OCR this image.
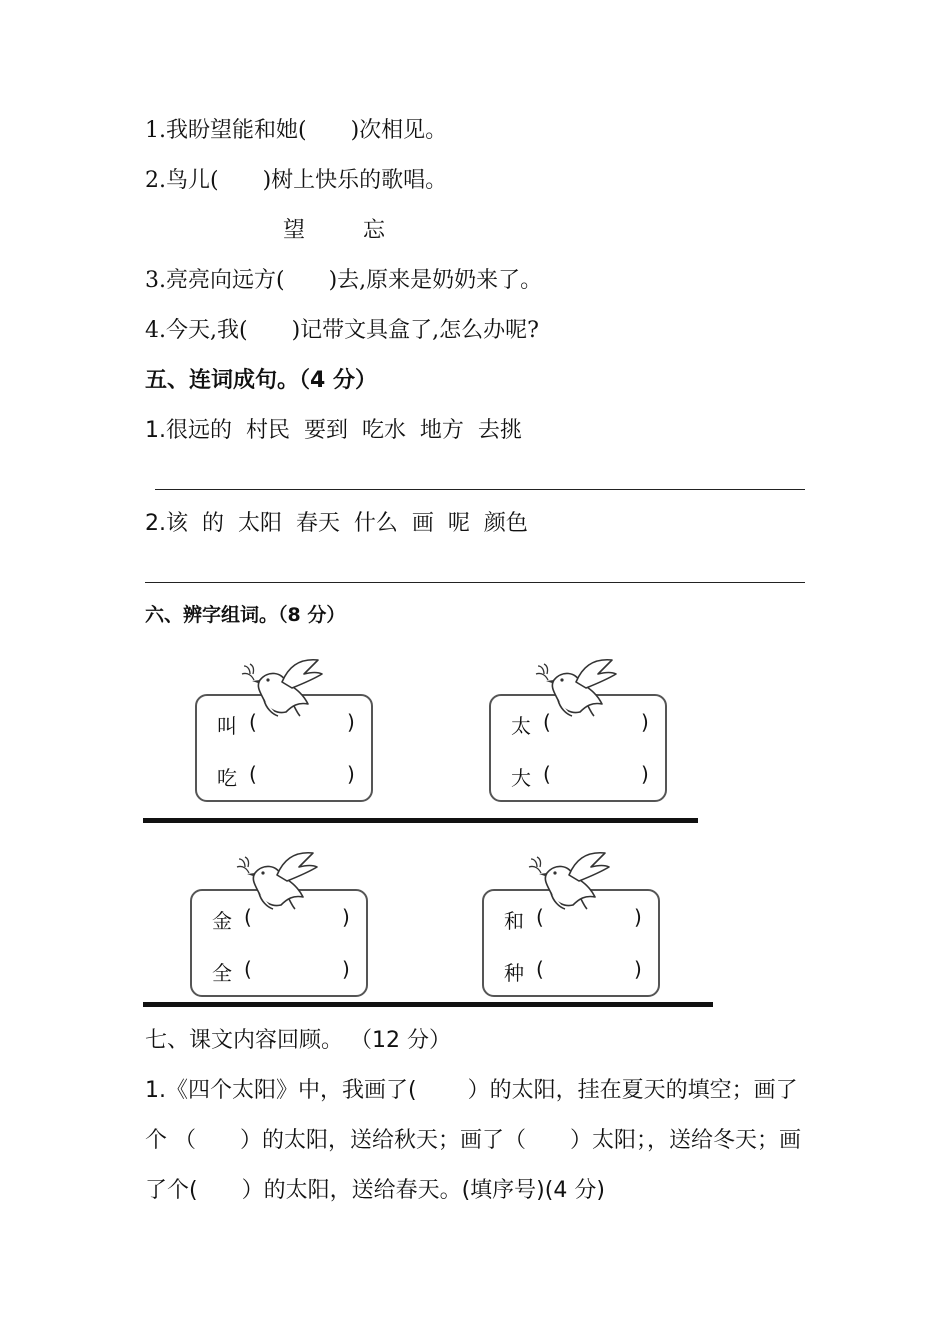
1.我盼望能和她(　　)次相见。
2.鸟儿(　　)树上快乐的歌唱。
望	忘
3.亮亮向远方(　　)去,原来是奶奶来了。
4.今天,我(　　)记带文具盒了,怎么办呢?
五、连词成句。（4 分）
1.很远的  村民  要到  吃水  地方  去挑
2.该  的  太阳  春天  什么  画  呢  颜色
六、辨字组词。（8 分）
叫 (	)
吃 (	)
太 (	)
大 (	)
金 (	)
全 (	)
和 (	)
种 (	)
七、课文内容回顾。 （12 分）
1.《四个太阳》中，我画了(　　 ）的太阳，挂在夏天的填空；画了
个 （　　）的太阳，送给秋天；画了（　　）太阳；，送给冬天；画
了个(　　）的太阳，送给春天。(填序号)(4 分)
